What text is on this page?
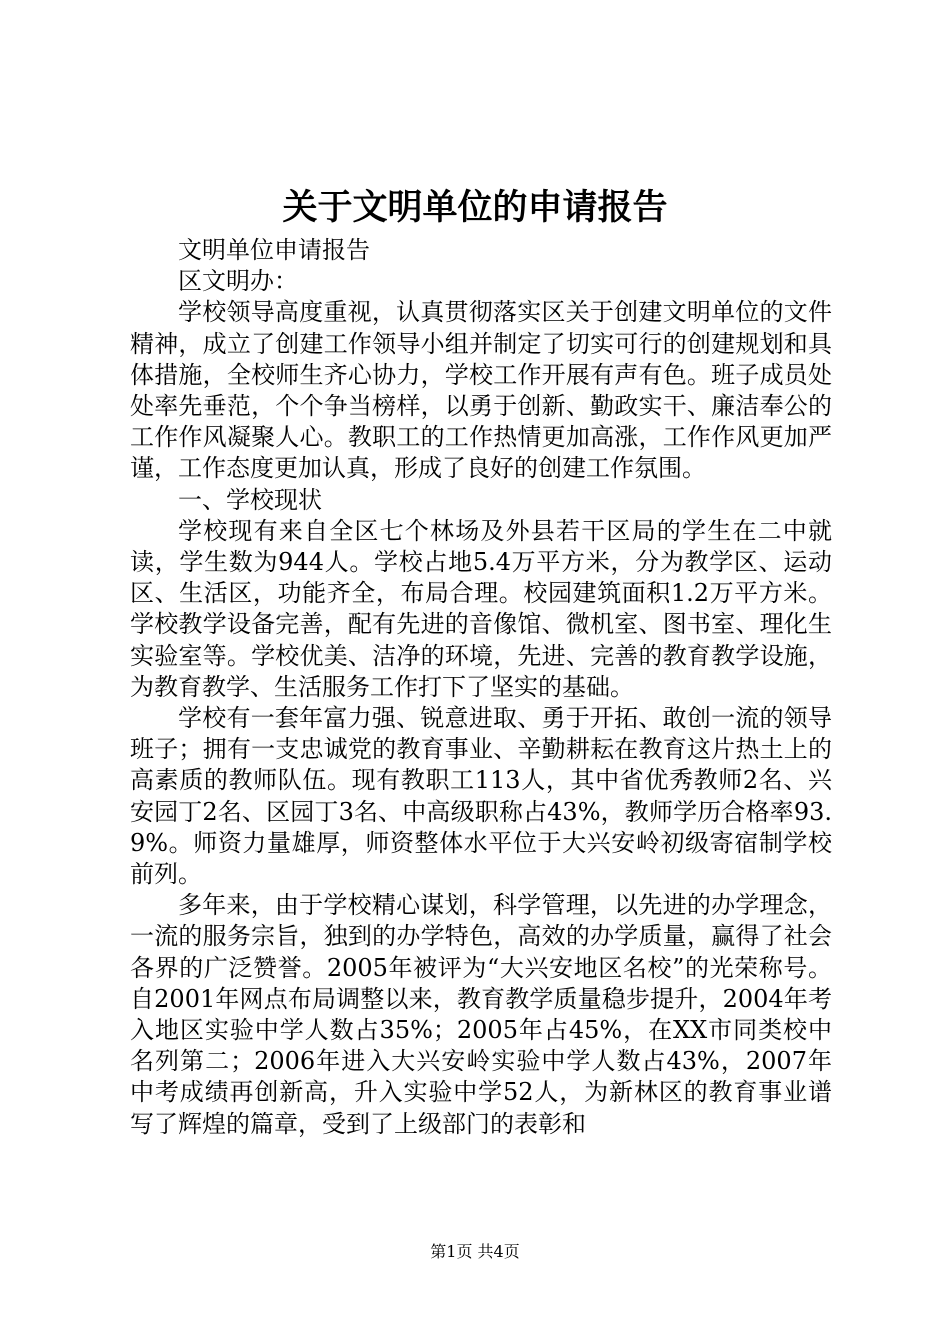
关于文明单位的申请报告

文明单位申请报告

区文明办：

学校领导高度重视，认真贯彻落实区关于创建文明单位的文件精神，成立了创建工作领导小组并制定了切实可行的创建规划和具体措施，全校师生齐心协力，学校工作开展有声有色。班子成员处处率先垂范，个个争当榜样，以勇于创新、勤政实干、廉洁奉公的工作作风凝聚人心。教职工的工作热情更加高涨，工作作风更加严谨，工作态度更加认真，形成了良好的创建工作氛围。

一、学校现状

学校现有来自全区七个林场及外县若干区局的学生在二中就读，学生数为944人。学校占地5.4万平方米，分为教学区、运动区、生活区，功能齐全，布局合理。校园建筑面积1.2万平方米。学校教学设备完善，配有先进的音像馆、微机室、图书室、理化生实验室等。学校优美、洁净的环境，先进、完善的教育教学设施，为教育教学、生活服务工作打下了坚实的基础。

学校有一套年富力强、锐意进取、勇于开拓、敢创一流的领导班子；拥有一支忠诚党的教育事业、辛勤耕耘在教育这片热土上的高素质的教师队伍。现有教职工113人，其中省优秀教师2名、兴安园丁2名、区园丁3名、中高级职称占43%，教师学历合格率93.9%。师资力量雄厚，师资整体水平位于大兴安岭初级寄宿制学校前列。

多年来，由于学校精心谋划，科学管理，以先进的办学理念，一流的服务宗旨，独到的办学特色，高效的办学质量，赢得了社会各界的广泛赞誉。2005年被评为“大兴安地区名校”的光荣称号。自2001年网点布局调整以来，教育教学质量稳步提升，2004年考入地区实验中学人数占35%；2005年占45%，在XX市同类校中名列第二；2006年进入大兴安岭实验中学人数占43%，2007年中考成绩再创新高，升入实验中学52人，为新林区的教育事业谱写了辉煌的篇章，受到了上级部门的表彰和

第1页 共4页
